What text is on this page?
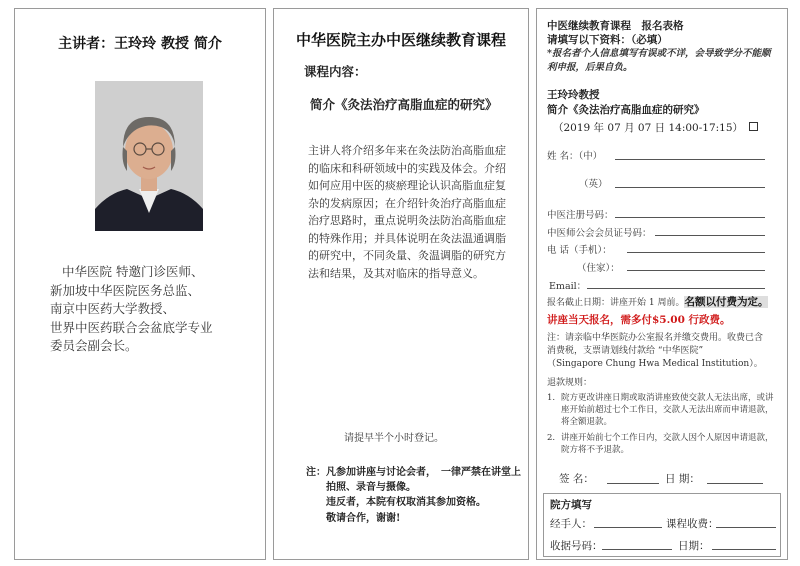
主讲者：王玲玲 教授 简介
中华医院 特邀门诊医师、
新加坡中华医院医务总监、
南京中医药大学教授、
世界中医药联合会盆底学专业
委员会副会长。
中华医院主办中医继续教育课程
课程内容：
简介《灸法治疗高脂血症的研究》
主讲人将介绍多年来在灸法防治高脂血症的临床和科研领域中的实践及体会。介绍如何应用中医的痰瘀理论认识高脂血症复杂的发病原因；在介绍针灸治疗高脂血症治疗思路时，重点说明灸法防治高脂血症的特殊作用；并具体说明在灸法温通调脂的研究中，不同灸量、灸温调脂的研究方法和结果，及其对临床的指导意义。
请提早半个小时登记。
注：凡参加讲座与讨论会者，　一律严禁在讲堂上
拍照、录音与摄像。
违反者，本院有权取消其参加资格。
敬请合作，谢谢!
中医继续教育课程　报名表格
请填写以下资料：（必填）
*报名者个人信息填写有误或不详，会导致学分不能顺
利申报，后果自负。
王玲玲教授
简介《灸法治疗高脂血症的研究》
（2019 年 07 月 07 日 14:00-17:15）
姓 名：（中）
（英）
中医注册号码：
中医师公会会员证号码：
电 话（手机）：
（住家）：
Email：
报名截止日期：讲座开始 1 周前。名额以付费为定。
讲座当天报名，需多付$5.00 行政费。
注：请亲临中华医院办公室报名并缴交费用。收费已含
消费税，支票请划线付款给 “中华医院”
（Singapore Chung Hwa Medical Institution）。
退款规则：
1. 院方更改讲座日期或取消讲座致使交款人无法出席，或讲
座开始前超过七个工作日，交款人无法出席而申请退款，
将全额退款。
2. 讲座开始前七个工作日内，交款人因个人原因申请退款，
院方将不予退款。
签 名：	日 期：
院方填写
经手人：	课程收费：
收据号码：	日期：
